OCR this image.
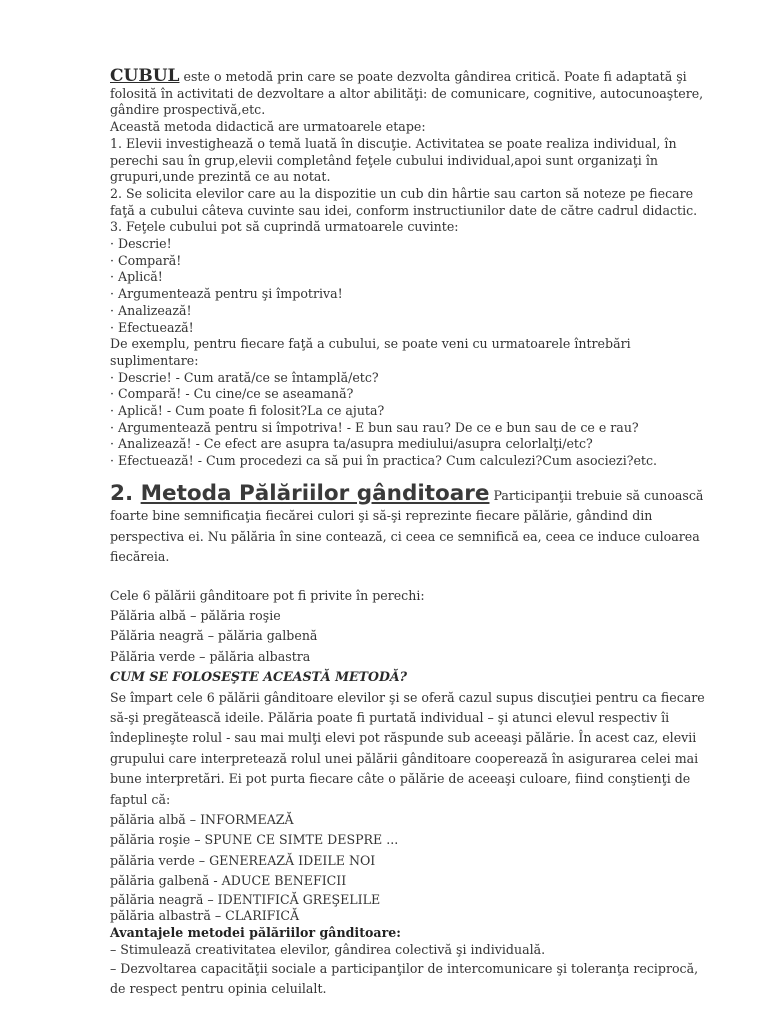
CUBUL este o metodă prin care se poate dezvolta gândirea critică. Poate fi adaptată şi folosită în activitati de dezvoltare a altor abilităţi: de comunicare, cognitive, autocunoaştere, gândire prospectivă,etc.

Această metoda didactică are urmatoarele etape:

1. Elevii investighează o temă luată în discuţie. Activitatea se poate realiza individual, în perechi sau în grup,elevii completând feţele cubului individual,apoi sunt organizaţi în grupuri,unde prezintă ce au notat.

2. Se solicita elevilor care au la dispozitie un cub din hârtie sau carton să noteze pe fiecare faţă a cubului câteva cuvinte sau idei, conform instructiunilor date de către cadrul didactic.

3. Feţele cubului pot să cuprindă urmatoarele cuvinte:

· Descrie!

· Compară!

· Aplică!

· Argumentează pentru şi împotriva!

· Analizează!

· Efectuează!

De exemplu, pentru fiecare faţă a cubului, se poate veni cu urmatoarele întrebări suplimentare:

· Descrie! - Cum arată/ce se întamplă/etc?

· Compară! - Cu cine/ce se aseamană?

· Aplică! - Cum poate fi folosit?La ce ajuta?

· Argumentează pentru si împotriva! - E bun sau rau? De ce e bun sau de ce e rau?

· Analizează! - Ce efect are asupra ta/asupra mediului/asupra celorlalţi/etc?

· Efectuează! - Cum procedezi ca să pui în practica? Cum calculezi?Cum asociezi?etc.

2. Metoda Pălăriilor gânditoare Participanţii trebuie să cunoască foarte bine semnificaţia fiecărei culori şi să-şi reprezinte fiecare pălărie, gândind din perspectiva ei. Nu pălăria în sine contează, ci ceea ce semnifică ea, ceea ce induce culoarea fiecăreia.

Cele 6 pălării gânditoare pot fi privite în perechi:

Pălăria albă – pălăria roşie

Pălăria neagră – pălăria galbenă

Pălăria verde – pălăria albastra

CUM SE FOLOSEŞTE ACEASTĂ METODĂ?

Se împart cele 6 pălării gânditoare elevilor şi se oferă cazul supus discuţiei pentru ca fiecare să-şi pregătească ideile. Pălăria poate fi purtată individual – şi atunci elevul respectiv îi îndeplineşte rolul - sau mai mulţi elevi pot răspunde sub aceeaşi pălărie. În acest caz, elevii grupului care interpretează rolul unei pălării gânditoare cooperează în asigurarea celei mai bune interpretări. Ei pot purta fiecare câte o pălărie de aceeaşi culoare, fiind conştienţi de faptul că:

pălăria albă – INFORMEAZĂ

pălăria roşie – SPUNE CE SIMTE DESPRE ...

pălăria verde – GENEREAZĂ IDEILE NOI

pălăria galbenă - ADUCE BENEFICII

pălăria neagră – IDENTIFICĂ GREŞELILE

pălăria albastră – CLARIFICĂ

Avantajele metodei pălăriilor gânditoare:

– Stimulează creativitatea elevilor, gândirea colectivă şi individuală.

– Dezvoltarea capacităţii sociale a participanţilor de intercomunicare şi toleranţa reciprocă, de respect pentru opinia celuilalt.
